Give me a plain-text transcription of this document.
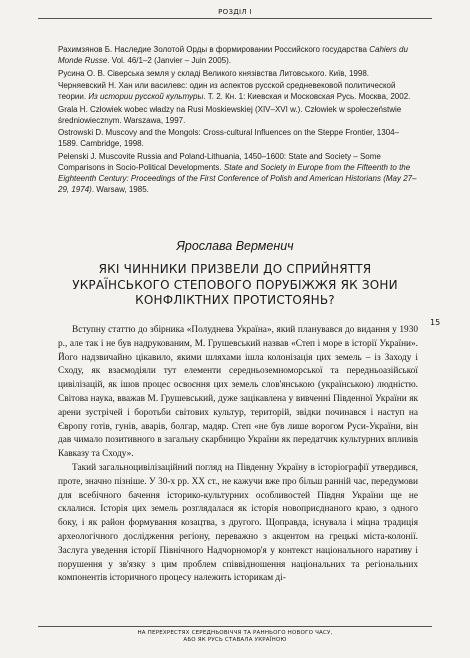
РОЗДІЛ I

Рахимзянов Б. Наследие Золотой Орды в формировании Российского государства Cahiers du Monde Russe. Vol. 46/1–2 (Janvier – Juin 2005).

Русина О. В. Сіверська земля у складі Великого князівства Литовського. Київ, 1998.

Черняевский Н. Хан или василевс: один из аспектов русской средневековой политической теории. Из истории русской культуры. Т. 2. Кн. 1: Киевская и Московская Русь. Москва, 2002.

Grala H. Człowiek wobec władzy na Rusi Moskiewskiej (XIV–XVI w.). Człowiek w społeczeństwie średniowiecznym. Warszawa, 1997.

Ostrowski D. Muscovy and the Mongols: Cross-cultural Influences on the Steppe Frontier, 1304–1589. Cambridge, 1998.

Pelenski J. Muscovite Russia and Poland-Lithuania, 1450–1600: State and Society – Some Comparisons in Socio-Political Developments. State and Society in Europe from the Fifteenth to the Eighteenth Century: Proceedings of the First Conference of Polish and American Historians (May 27–29, 1974). Warsaw, 1985.

Ярослава Верменич
ЯКІ ЧИННИКИ ПРИЗВЕЛИ ДО СПРИЙНЯТТЯ УКРАЇНСЬКОГО СТЕПОВОГО ПОРУБІЖЖЯ ЯК ЗОНИ КОНФЛІКТНИХ ПРОТИСТОЯНЬ?
15

Вступну статтю до збірника «Полуднева Україна», який планувався до видання у 1930 р., але так і не був надрукованим, М. Грушевський назвав «Степ і море в історії України». Його надзвичайно цікавило, якими шляхами ішла колонізація цих земель – із Заходу і Сходу, як взаємодіяли тут елементи середньоземноморської та передньоазійської цивілізацій, як ішов процес освоєння цих земель слов'янською (українською) людністю. Світова наука, вважав М. Грушевський, дуже зацікавлена у вивченні Південної України як арени зустрічей і боротьби світових культур, територій, звідки починався і наступ на Європу готів, гунів, аварів, болгар, мадяр. Степ «не був лише ворогом Руси-України, він дав чимало позитивного в загальну скарбницю України як передатчик культурних впливів Кавказу та Сходу».

Такий загальноцивілізаційний погляд на Південну Україну в історіографії утвердився, проте, значно пізніше. У 30-х рр. ХХ ст., не кажучи вже про більш ранній час, передумови для всебічного бачення історико-культурних особливостей Півдня України ще не склалися. Історія цих земель розглядалася як історія новоприєднаного краю, з одного боку, і як район формування козацтва, з другого. Щоправда, існувала і міцна традиція археологічного дослідження регіону, переважно з акцентом на грецькі міста-колонії. Заслуга уведення історії Північного Надчорномор'я у контекст національного наративу і порушення у зв'язку з цим проблем співвідношення національних та регіональних компонентів історичного процесу належить історикам ді-

НА ПЕРЕХРЕСТЯХ СЕРЕДНЬОВІЧЧЯ ТА РАННЬОГО НОВОГО ЧАСУ,
АБО ЯК РУСЬ СТАВАЛА УКРАЇНОЮ
